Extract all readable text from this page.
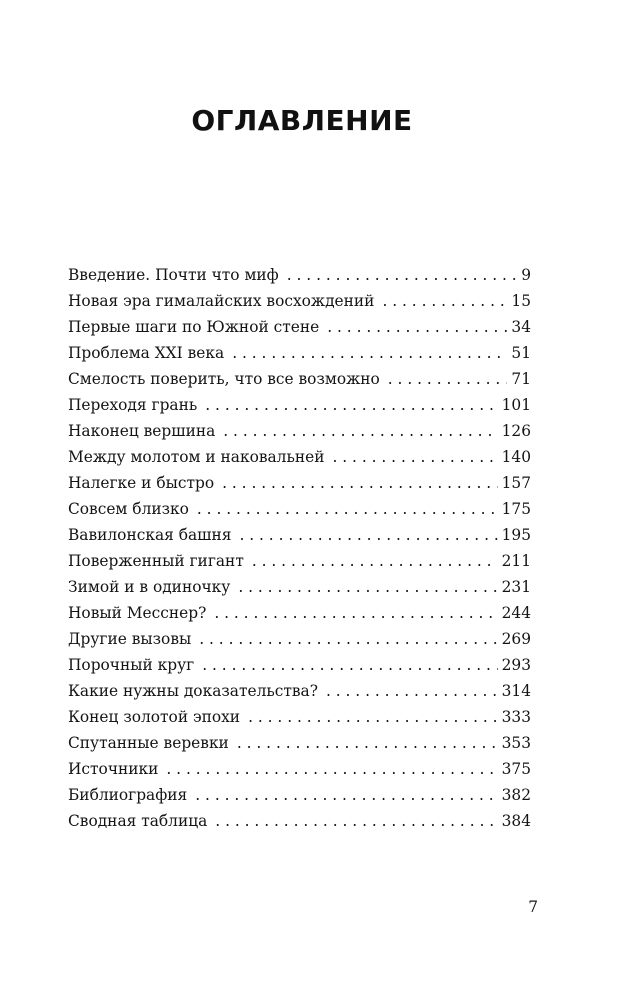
ОГЛАВЛЕНИЕ
Введение. Почти что миф . . .	9
Новая эра гималайских восхождений . . .	15
Первые шаги по Южной стене . . .	34
Проблема XXI века . . .	51
Смелость поверить, что все возможно . . .	71
Переходя грань . . .	101
Наконец вершина . . .	126
Между молотом и наковальней . . .	140
Налегке и быстро . . .	157
Совсем близко . . .	175
Вавилонская башня . . .	195
Поверженный гигант . . .	211
Зимой и в одиночку . . .	231
Новый Месснер? . . .	244
Другие вызовы . . .	269
Порочный круг . . .	293
Какие нужны доказательства? . . .	314
Конец золотой эпохи . . .	333
Спутанные веревки . . .	353
Источники . . .	375
Библиография . . .	382
Сводная таблица . . .	384
7
